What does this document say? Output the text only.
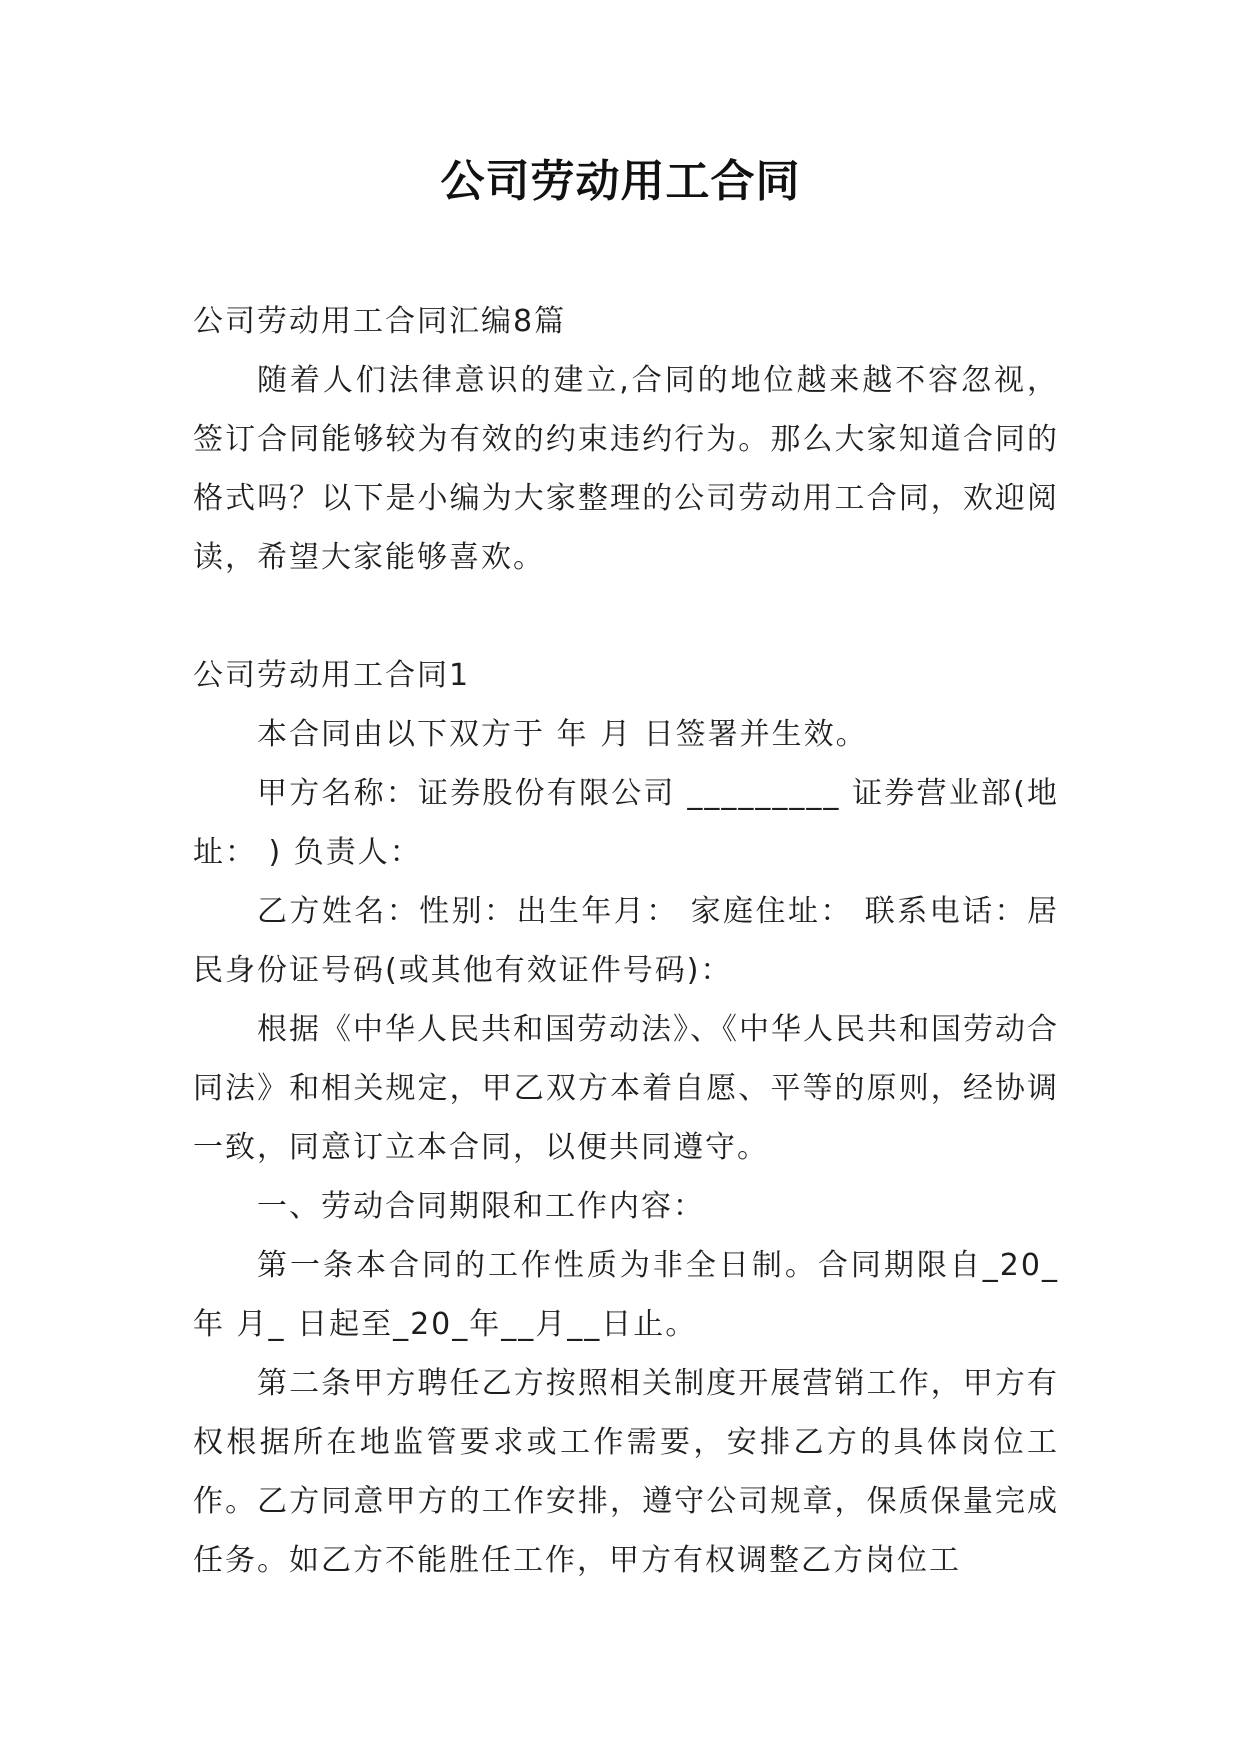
公司劳动用工合同

公司劳动用工合同汇编8篇

随着人们法律意识的建立,合同的地位越来越不容忽视，签订合同能够较为有效的约束违约行为。那么大家知道合同的格式吗？以下是小编为大家整理的公司劳动用工合同，欢迎阅读，希望大家能够喜欢。

公司劳动用工合同1

本合同由以下双方于 年 月 日签署并生效。

甲方名称：证券股份有限公司 _________ 证券营业部(地址： ) 负责人：

乙方姓名：性别：出生年月： 家庭住址： 联系电话：居民身份证号码(或其他有效证件号码)：

根据《中华人民共和国劳动法》、《中华人民共和国劳动合同法》和相关规定，甲乙双方本着自愿、平等的原则，经协调一致，同意订立本合同，以便共同遵守。

一、劳动合同期限和工作内容：

第一条本合同的工作性质为非全日制。合同期限自_20_年 月_ 日起至_20_年__月__日止。

第二条甲方聘任乙方按照相关制度开展营销工作，甲方有权根据所在地监管要求或工作需要，安排乙方的具体岗位工作。乙方同意甲方的工作安排，遵守公司规章，保质保量完成任务。如乙方不能胜任工作，甲方有权调整乙方岗位工
